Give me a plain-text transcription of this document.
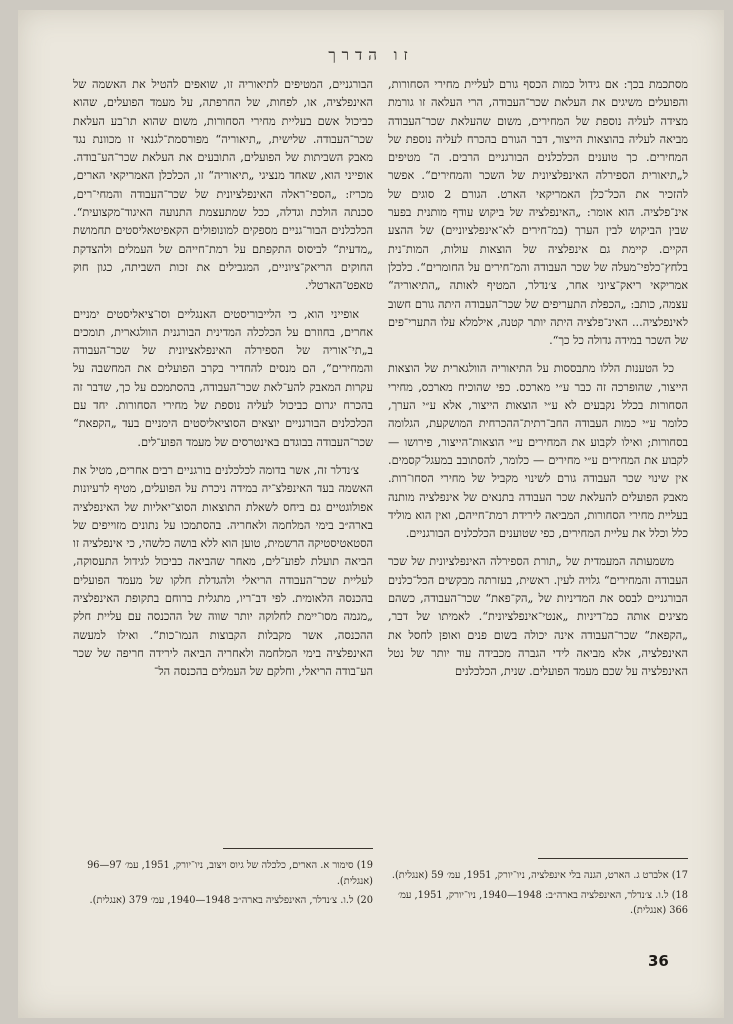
זו הדרך

מסתכמת בכך: אם גידול כמות הכסף גורם לעליית מחירי הסחורות, והפועלים משיגים את העלאת שכר־העבודה, הרי העלאה זו גורמת מצידה לעליה נוספת של המחירים, משום שהעלאת שכר־העבודה מביאה לעליה בהוצאות הייצור, דבר הגורם בהכרח לעליה נוספת של המחירים. כך טוענים הכלכלנים הבורגניים הרבים. ה־ מטיפים ל„תיאורית הספירלה האינפלציונית של השכר והמחירים“. אפשר להזכיר את הכל־כלן האמריקאי הארט. הגורם 2 סוגים של אינ־פלציה. הוא אומר: „האינפלציה של ביקוש עודף מותנית בפער שבין הביקוש לבין הערך (במ־חירים לא־אינפלציוניים) של ההצע הקיים. קיימת גם אינפלציה של הוצאות עולות, המות־נית בלחץ־כלפי־מעלה של שכר העבודה והמ־חירים על החומרים“. כלכלן אמריקאי ריאק־ציוני אחר, צ׳נדלר, המטיף לאותה „התיאוריה“ עצמה, כותב: „הכפלת התעריפים של שכר־העבודה היתה גורם חשוב לאינפלציה... האינ־פלציה היתה יותר קטנה, אילמלא עלו התערי־פים של השכר במידה גדולה כל כך“.

כל הטענות הללו מתבססות על התיאוריה הוולגארית של הוצאות הייצור, שהופרכה זה כבר ע״י מארכס. כפי שהוכיח מארכס, מחירי הסחורות בכלל נקבעים לא ע״י הוצאות הייצור, אלא ע״י הערך, כלומר ע״י כמות העבודה החב־רתית־ההכרחית המושקעת, הגלומה בסחורות; ואילו לקבוע את המחירים ע״י הוצאות־הייצור, פירושו — לקבוע את המחירים ע״י מחירים — כלומר, להסתובב במעגל־קסמים. אין שינוי שכר העבודה גורם לשינוי מקביל של מחירי הסחו־רות. מאבק הפועלים להעלאת שכר העבודה בתנאים של אינפלציה מותנה בעליית מחירי הסחורות, המביאה לירידת רמת־חייהם, ואין הוא מוליד כלל וכלל את עליית המחירים, כפי שטוענים הכלכלנים הבורגניים.

משמעותה המעמדית של „תורת הספירלה האינפלציונית של שכר העבודה והמחירים“ גלויה לעין. ראשית, בעזרתה מבקשים הכל־כלנים הבורגניים לבסס את המדיניות של „הק־פאת“ שכר־העבודה, כשהם מציגים אותה כמ־דיניות „אנטי־אינפלציונית“. לאמיתו של דבר, „הקפאת“ שכר־העבודה אינה יכולה בשום פנים ואופן לחסל את האינפלציה, אלא מביאה לידי הגברה מכבידה עוד יותר של נטל האינפלציה על שכם מעמד הפועלים. שנית, הכלכלנים

הבורגניים, המטיפים לתיאוריה זו, שואפים להטיל את האשמה של האינפלציה, או, לפחות, של החרפתה, על מעמד הפועלים, שהוא כביכול אשם בעליית מחירי הסחורות, משום שהוא תו־בע העלאת שכר־העבודה. שלישית, „תיאוריה“ מפורסמת־לגנאי זו מכוונת נגד מאבק השביתות של הפועלים, התובעים את העלאת שכר־הע־בודה. אופייני הוא, שאחד מנציגי „תיאוריה“ זו, הכלכלן האמריקאי הארים, מכריז: „הספי־ראלה האינפלציונית של שכר־העבודה והמחי־רים, סכנתה הולכת וגדלה, ככל שמתעצמת התנועה האיגוד־מקצועית“. הכלכלנים הבור־גניים מספקים למונופולים הקאפיטאליסטים תחמושת „מדעית“ לביסוס התקפתם על רמת־חייהם של העמלים ולהצדקת החוקים הריאק־ציוניים, המגבילים את זכות השביתה, כגון חוק טאפט־הארטלי.

אופייני הוא, כי הלייבוריסטים האנגליים וסו־ציאליסטים ימניים אחרים, בחוזרם על הכלכלה המדינית הבורגנית הוולגארית, תומכים ב„תי־אוריה של הספירלה האינפלאציונית של שכר־העבודה והמחירים“, הם מנסים להחדיר בקרב הפועלים את המחשבה על עקרות המאבק להע־לאת שכר־העבודה, בהסתמכם על כך, שדבר זה בהכרח יגרום כביכול לעליה נוספת של מחירי הסחורות. יחד עם הכלכלנים הבורגניים יוצאים הסוציאליסטים הימניים בעד „הקפאת“ שכר־העבודה בבוגדם באינטרסים של מעמד הפוע־לים.

צ׳נדלר זה, אשר בדומה לכלכלנים בורגניים רבים אחרים, מטיל את האשמה בעד האינפלצ־יה במידה ניכרת על הפועלים, מטיף לרעיונות אפולוגטיים גם ביחס לשאלת התוצאות הסוצ־יאליות של האינפלציה בארה״ב בימי המלחמה ולאחריה. בהסתמכו על נתונים מזוייפים של הסטאטיסטיקה הרשמית, טוען הוא ללא בושה כלשהי, כי אינפלציה זו הביאה תועלת לפוע־לים, מאחר שהביאה כביכול לגידול התעסוקה, לעליית שכר־העבודה הריאלי ולהגדלת חלקו של מעמד הפועלים בהכנסה הלאומית. לפי דב־ריו, מתגלית ברוחם בתקופת האינפלציה „מגמה מסו־יימת לחלוקה יותר שווה של ההכנסה עם עליית חלק ההכנסה, אשר מקבלות הקבוצות הנמו־כות“. ואילו למעשה האינפלציה בימי המלחמה ולאחריה הביאה לירידה חריפה של שכר הע־בודה הריאלי, וחלקם של העמלים בהכנסה הל־

17) אלברט ג. הארט, הגנה בלי אינפלציה, ניו־יורק, 1951, עמ׳ 59 (אנגלית).
18) ל.ו. צ׳נדלר, האינפלציה בארה״ב: 1948—1940, ניו־יורק, 1951, עמ׳ 366 (אנגלית).
19) סימור א. הארים, כלכלה של גיוס ויצוב, ניו־יורק, 1951, עמ׳ 97—96 (אנגלית).
20) ל.ו. צ׳נדלר, האינפלציה בארה״ב 1948—1940, עמ׳ 379 (אנגלית).
36
